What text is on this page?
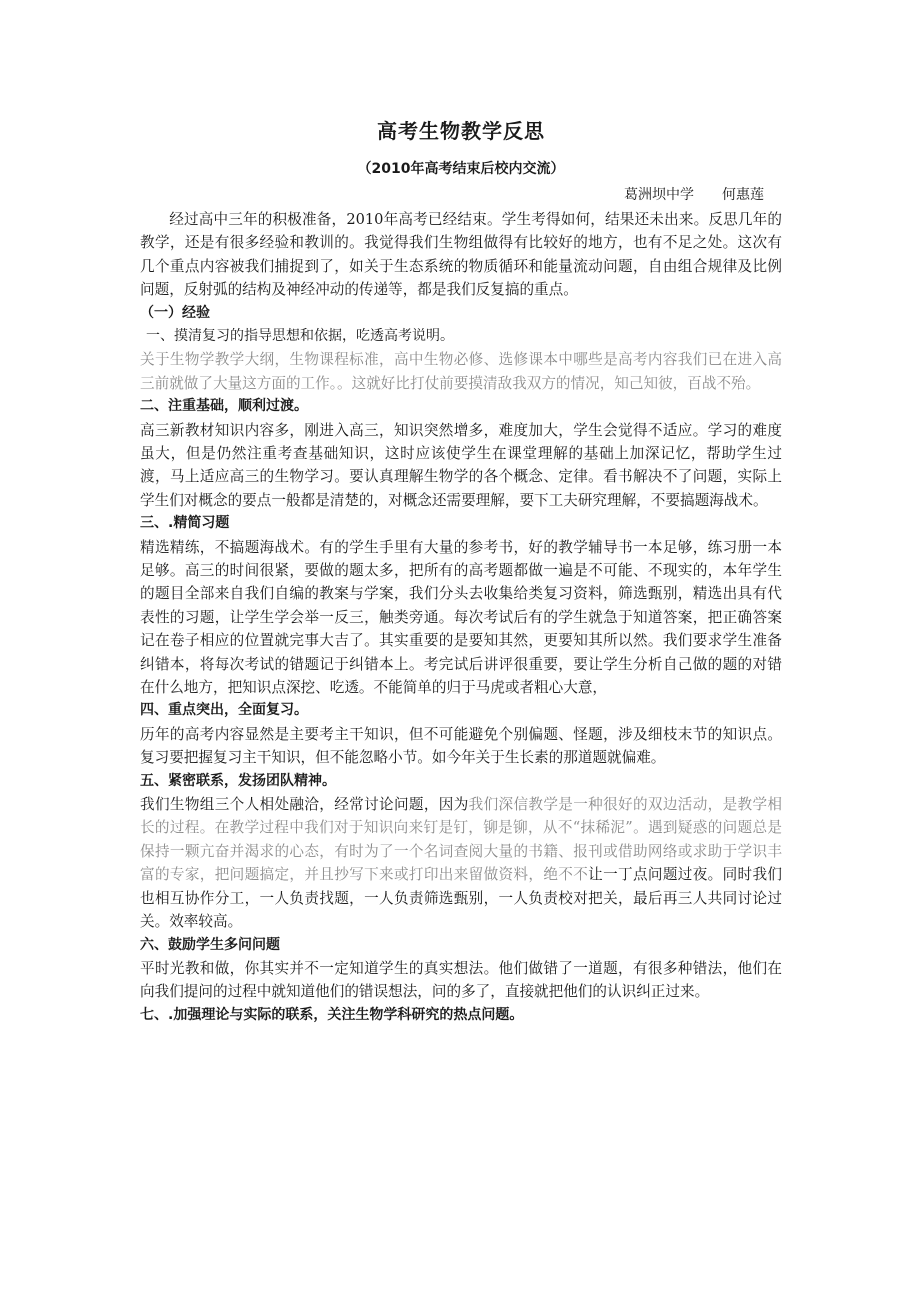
高考生物教学反思
（2010年高考结束后校内交流）
葛洲坝中学 何惠莲

经过高中三年的积极准备，2010年高考已经结束。学生考得如何，结果还未出来。反思几年的教学，还是有很多经验和教训的。我觉得我们生物组做得有比较好的地方，也有不足之处。这次有几个重点内容被我们捕捉到了，如关于生态系统的物质循环和能量流动问题，自由组合规律及比例问题，反射弧的结构及神经冲动的传递等，都是我们反复搞的重点。

（一）经验
一、摸清复习的指导思想和依据，吃透高考说明。

关于生物学教学大纲，生物课程标准，高中生物必修、选修课本中哪些是高考内容我们已在进入高三前就做了大量这方面的工作。。这就好比打仗前要摸清敌我双方的情况，知己知彼，百战不殆。

二、注重基础，顺利过渡。

高三新教材知识内容多，刚进入高三，知识突然增多，难度加大，学生会觉得不适应。学习的难度虽大，但是仍然注重考查基础知识，这时应该使学生在课堂理解的基础上加深记忆，帮助学生过渡，马上适应高三的生物学习。要认真理解生物学的各个概念、定律。看书解决不了问题，实际上学生们对概念的要点一般都是清楚的，对概念还需要理解，要下工夫研究理解，不要搞题海战术。

三、.精简习题

精选精练，不搞题海战术。有的学生手里有大量的参考书，好的教学辅导书一本足够，练习册一本足够。高三的时间很紧，要做的题太多，把所有的高考题都做一遍是不可能、不现实的，本年学生的题目全部来自我们自编的教案与学案，我们分头去收集给类复习资料，筛选甄别，精选出具有代表性的习题，让学生学会举一反三，触类旁通。每次考试后有的学生就急于知道答案，把正确答案记在卷子相应的位置就完事大吉了。其实重要的是要知其然，更要知其所以然。我们要求学生准备纠错本，将每次考试的错题记于纠错本上。考完试后讲评很重要，要让学生分析自己做的题的对错在什么地方，把知识点深挖、吃透。不能简单的归于马虎或者粗心大意，

四、重点突出，全面复习。

历年的高考内容显然是主要考主干知识，但不可能避免个别偏题、怪题，涉及细枝末节的知识点。复习要把握复习主干知识，但不能忽略小节。如今年关于生长素的那道题就偏难。

五、紧密联系，发扬团队精神。

我们生物组三个人相处融洽，经常讨论问题，因为我们深信教学是一种很好的双边活动，是教学相长的过程。在教学过程中我们对于知识向来钉是钉，铆是铆，从不“抹稀泥”。遇到疑惑的问题总是保持一颗亢奋并渴求的心态，有时为了一个名词查阅大量的书籍、报刊或借助网络或求助于学识丰富的专家，把问题搞定，并且抄写下来或打印出来留做资料，绝不不让一丁点问题过夜。同时我们也相互协作分工，一人负责找题，一人负责筛选甄别，一人负责校对把关，最后再三人共同讨论过关。效率较高。

六、鼓励学生多问问题

平时光教和做，你其实并不一定知道学生的真实想法。他们做错了一道题，有很多种错法，他们在向我们提问的过程中就知道他们的错误想法，问的多了，直接就把他们的认识纠正过来。

七、.加强理论与实际的联系，关注生物学科研究的热点问题。
